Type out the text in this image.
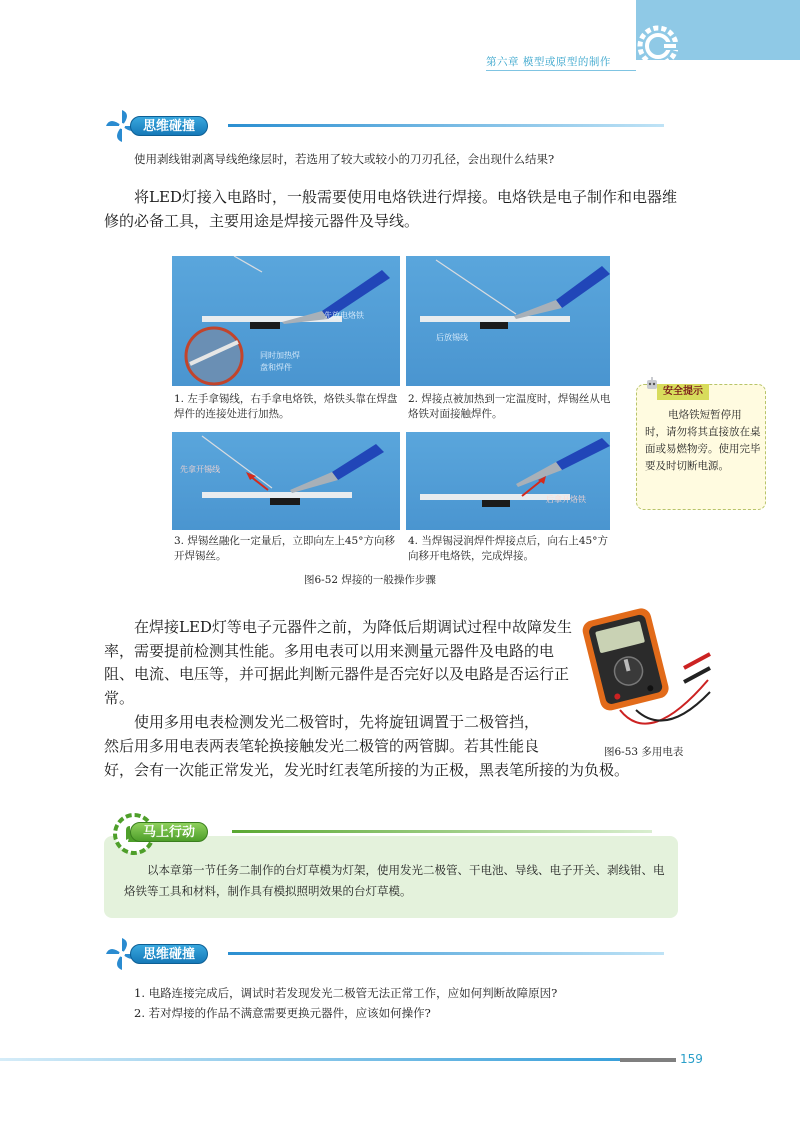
第六章 模型或原型的制作
思维碰撞
使用剥线钳剥离导线绝缘层时，若选用了较大或较小的刀刃孔径，会出现什么结果?
将LED灯接入电路时，一般需要使用电烙铁进行焊接。电烙铁是电子制作和电器维修的必备工具，主要用途是焊接元器件及导线。
先放电烙铁
同时加热焊
盘和焊件
后放锡线
先拿开锡线
后拿开烙铁
1. 左手拿锡线，右手拿电烙铁，烙铁头靠在焊盘焊件的连接处进行加热。
2. 焊接点被加热到一定温度时，焊锡丝从电烙铁对面接触焊件。
3. 焊锡丝融化一定量后，立即向左上45°方向移开焊锡丝。
4. 当焊锡浸润焊件焊接点后，向右上45°方向移开电烙铁，完成焊接。
图6-52 焊接的一般操作步骤
安全提示
电烙铁短暂停用时，请勿将其直接放在桌面或易燃物旁。使用完毕要及时切断电源。
在焊接LED灯等电子元器件之前，为降低后期调试过程中故障发生率，需要提前检测其性能。多用电表可以用来测量元器件及电路的电阻、电流、电压等，并可据此判断元器件是否完好以及电路是否运行正常。
使用多用电表检测发光二极管时，先将旋钮调置于二极管挡，
然后用多用电表两表笔轮换接触发光二极管的两管脚。若其性能良
好，会有一次能正常发光，发光时红表笔所接的为正极，黑表笔所接的为负极。
图6-53 多用电表
马上行动
以本章第一节任务二制作的台灯草模为灯架，使用发光二极管、干电池、导线、电子开关、剥线钳、电烙铁等工具和材料，制作具有模拟照明效果的台灯草模。
思维碰撞
1. 电路连接完成后，调试时若发现发光二极管无法正常工作，应如何判断故障原因?
2. 若对焊接的作品不满意需要更换元器件，应该如何操作?
159
